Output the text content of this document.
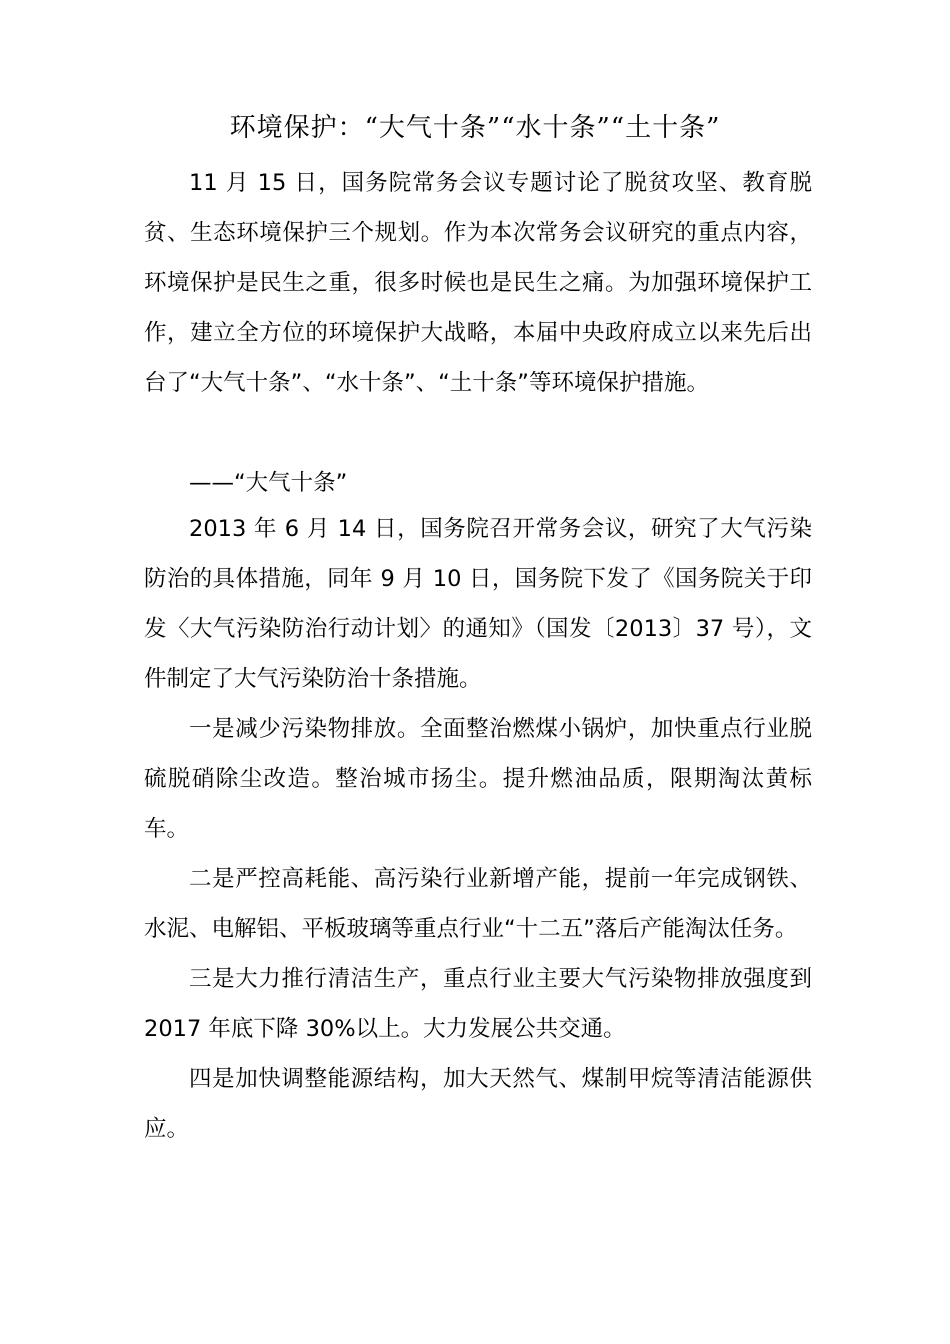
环境保护：“大气十条”“水十条”“土十条”
11 月 15 日，国务院常务会议专题讨论了脱贫攻坚、教育脱贫、生态环境保护三个规划。作为本次常务会议研究的重点内容，环境保护是民生之重，很多时候也是民生之痛。为加强环境保护工作，建立全方位的环境保护大战略，本届中央政府成立以来先后出台了“大气十条”、“水十条”、“土十条”等环境保护措施。
——“大气十条”
2013 年 6 月 14 日，国务院召开常务会议，研究了大气污染防治的具体措施，同年 9 月 10 日，国务院下发了《国务院关于印发〈大气污染防治行动计划〉的通知》（国发〔2013〕37 号），文件制定了大气污染防治十条措施。
一是减少污染物排放。全面整治燃煤小锅炉，加快重点行业脱硫脱硝除尘改造。整治城市扬尘。提升燃油品质，限期淘汰黄标车。
二是严控高耗能、高污染行业新增产能，提前一年完成钢铁、水泥、电解铝、平板玻璃等重点行业“十二五”落后产能淘汰任务。
三是大力推行清洁生产，重点行业主要大气污染物排放强度到 2017 年底下降 30%以上。大力发展公共交通。
四是加快调整能源结构，加大天然气、煤制甲烷等清洁能源供应。
